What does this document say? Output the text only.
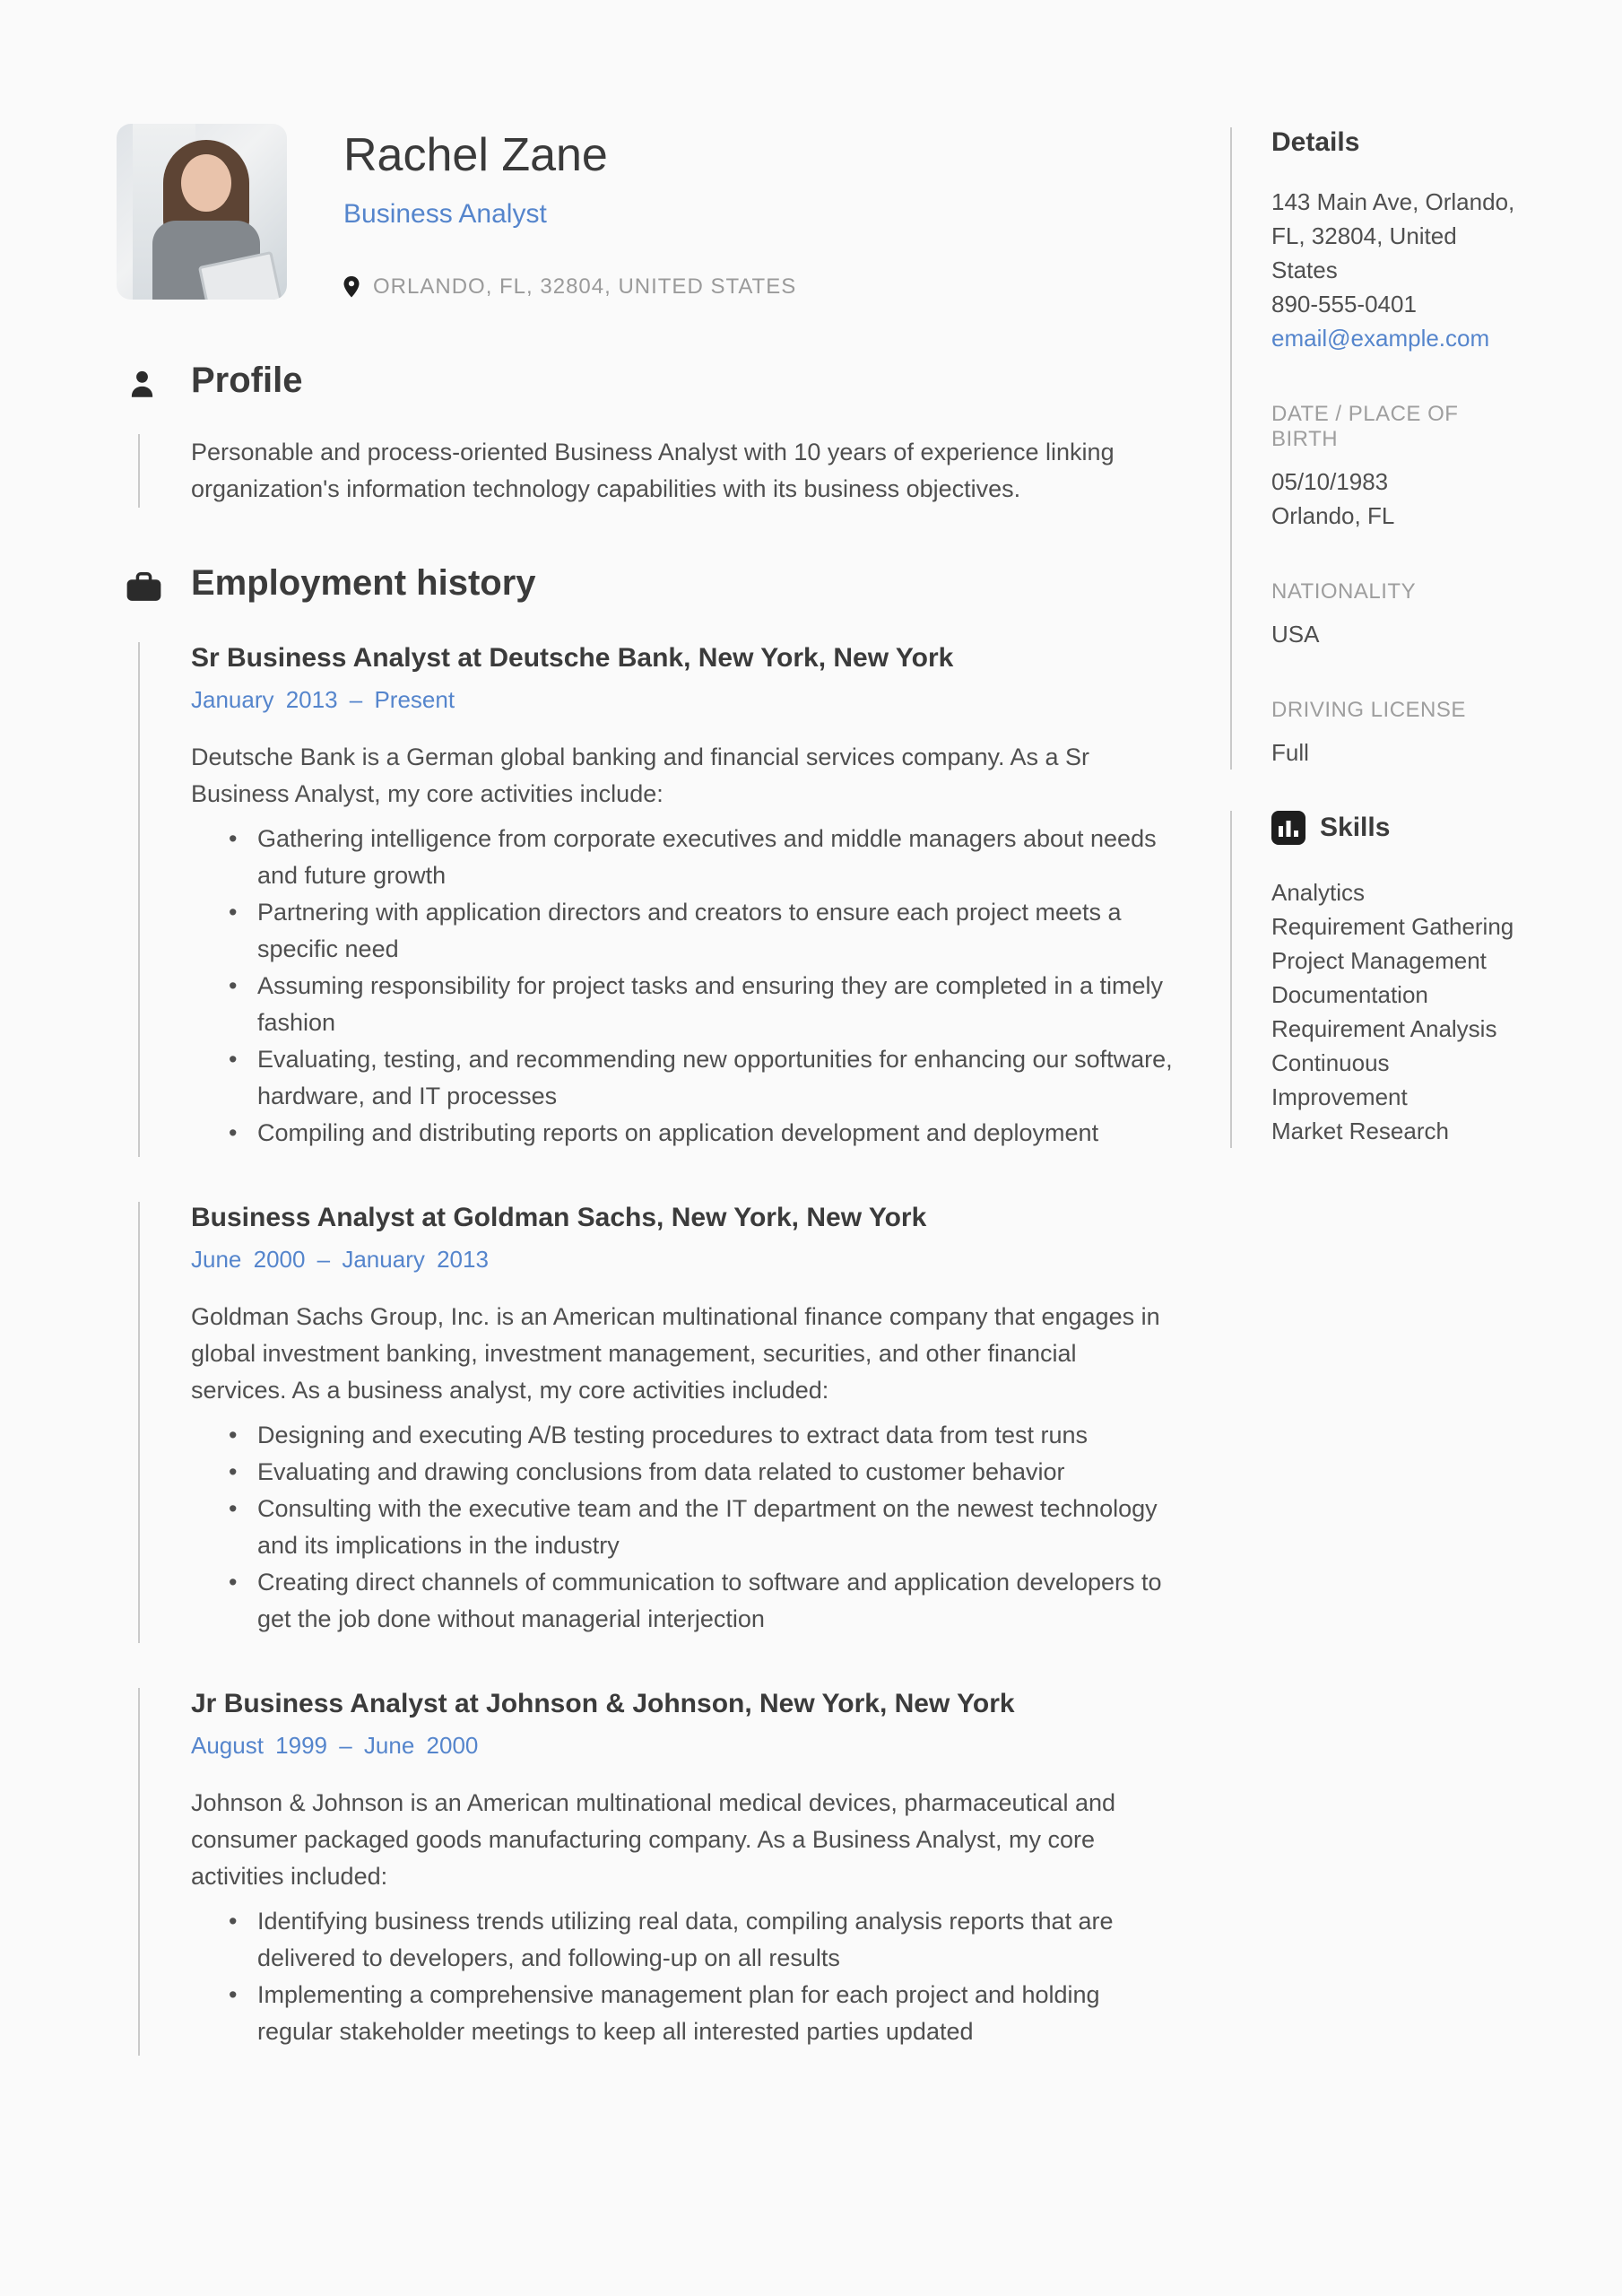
Rachel Zane
Business Analyst
ORLANDO, FL, 32804, UNITED STATES
Profile
Personable and process-oriented Business Analyst with 10 years of experience linking organization's information technology capabilities with its business objectives.
Employment history
Sr Business Analyst at Deutsche Bank, New York, New York
January 2013 – Present

Deutsche Bank is a German global banking and financial services company. As a Sr Business Analyst, my core activities include:

• Gathering intelligence from corporate executives and middle managers about needs and future growth
• Partnering with application directors and creators to ensure each project meets a specific need
• Assuming responsibility for project tasks and ensuring they are completed in a timely fashion
• Evaluating, testing, and recommending new opportunities for enhancing our software, hardware, and IT processes
• Compiling and distributing reports on application development and deployment
Business Analyst at Goldman Sachs, New York, New York
June 2000 – January 2013

Goldman Sachs Group, Inc. is an American multinational finance company that engages in global investment banking, investment management, securities, and other financial services. As a business analyst, my core activities included:

• Designing and executing A/B testing procedures to extract data from test runs
• Evaluating and drawing conclusions from data related to customer behavior
• Consulting with the executive team and the IT department on the newest technology and its implications in the industry
• Creating direct channels of communication to software and application developers to get the job done without managerial interjection
Jr Business Analyst at Johnson & Johnson, New York, New York
August 1999 – June 2000

Johnson & Johnson is an American multinational medical devices, pharmaceutical and consumer packaged goods manufacturing company. As a Business Analyst, my core activities included:

• Identifying business trends utilizing real data, compiling analysis reports that are delivered to developers, and following-up on all results
• Implementing a comprehensive management plan for each project and holding regular stakeholder meetings to keep all interested parties updated
Details
143 Main Ave, Orlando, FL, 32804, United States
890-555-0401
email@example.com
DATE / PLACE OF BIRTH
05/10/1983
Orlando, FL
NATIONALITY
USA
DRIVING LICENSE
Full
Skills
Analytics
Requirement Gathering
Project Management
Documentation
Requirement Analysis
Continuous Improvement
Market Research
